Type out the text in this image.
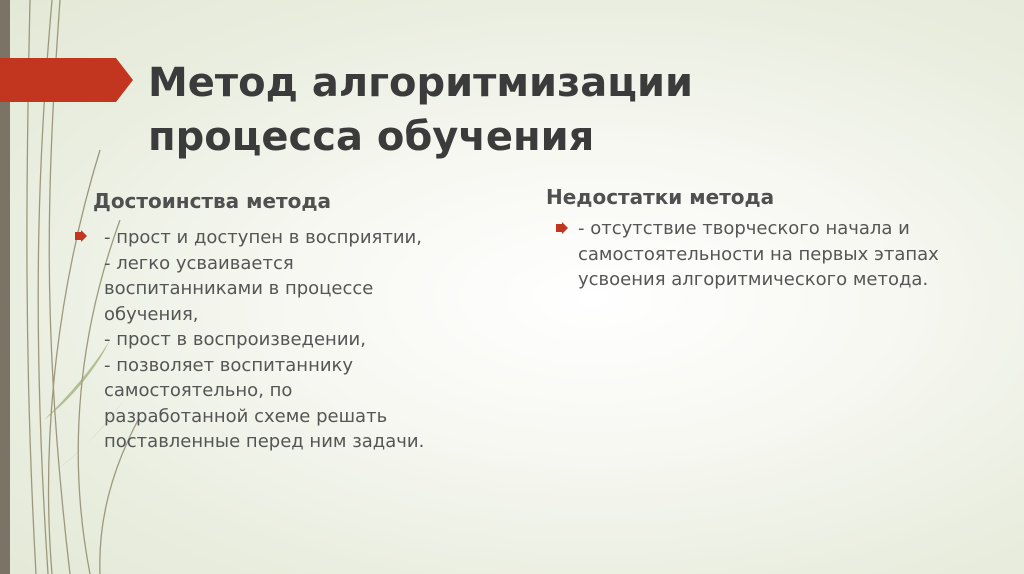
Метод алгоритмизации процесса обучения
Достоинства метода

- прост и доступен в восприятии,
- легко усваивается воспитанниками в процессе обучения,
- прост в воспроизведении,
- позволяет воспитаннику самостоятельно, по разработанной схеме решать поставленные перед ним задачи.

Недостатки метода

- отсутствие творческого начала и самостоятельности на первых этапах усвоения алгоритмического метода.
